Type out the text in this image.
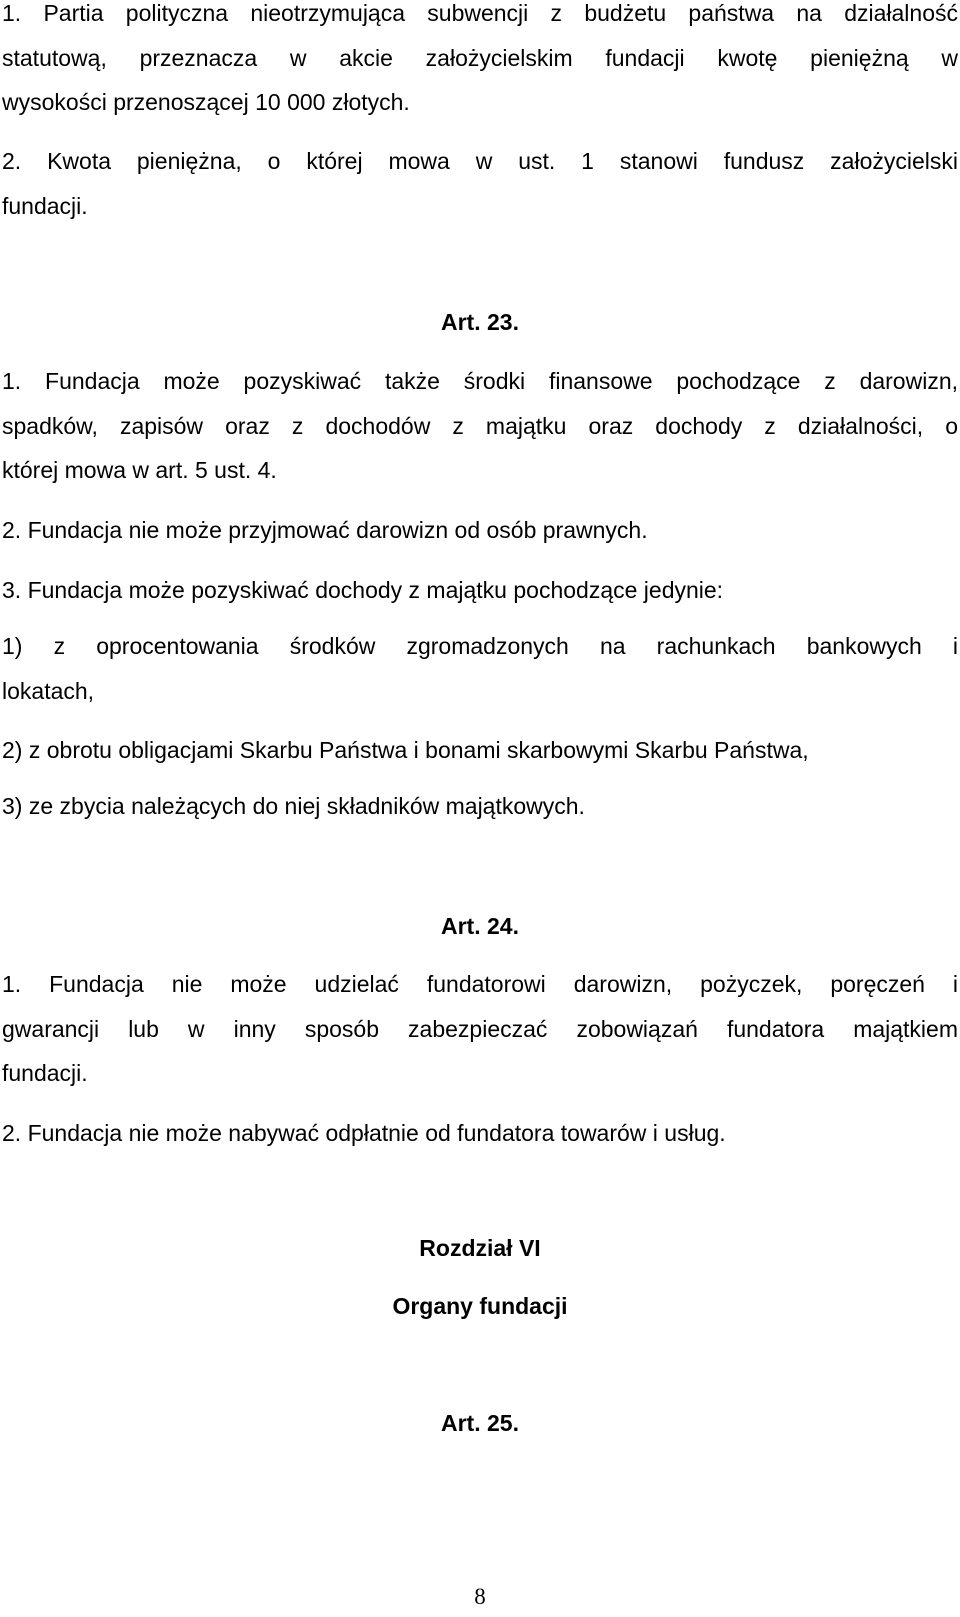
1. Partia polityczna nieotrzymująca subwencji z budżetu państwa na działalność
statutową, przeznacza w akcie założycielskim fundacji kwotę pieniężną w
wysokości przenoszącej 10 000 złotych.
2. Kwota pieniężna, o której mowa w ust. 1 stanowi fundusz założycielski
fundacji.
Art. 23.
1. Fundacja może pozyskiwać także środki finansowe pochodzące z darowizn,
spadków, zapisów oraz z dochodów z majątku oraz dochody z działalności, o
której mowa w art. 5 ust. 4.
2. Fundacja nie może przyjmować darowizn od osób prawnych.
3. Fundacja może pozyskiwać dochody z majątku pochodzące jedynie:
1) z oprocentowania środków zgromadzonych na rachunkach bankowych i
lokatach,
2) z obrotu obligacjami Skarbu Państwa i bonami skarbowymi Skarbu Państwa,
3) ze zbycia należących do niej składników majątkowych.
Art. 24.
1. Fundacja nie może udzielać fundatorowi darowizn, pożyczek, poręczeń i
gwarancji lub w inny sposób zabezpieczać zobowiązań fundatora majątkiem
fundacji.
2. Fundacja nie może nabywać odpłatnie od fundatora towarów i usług.
Rozdział VI
Organy fundacji
Art. 25.
8
